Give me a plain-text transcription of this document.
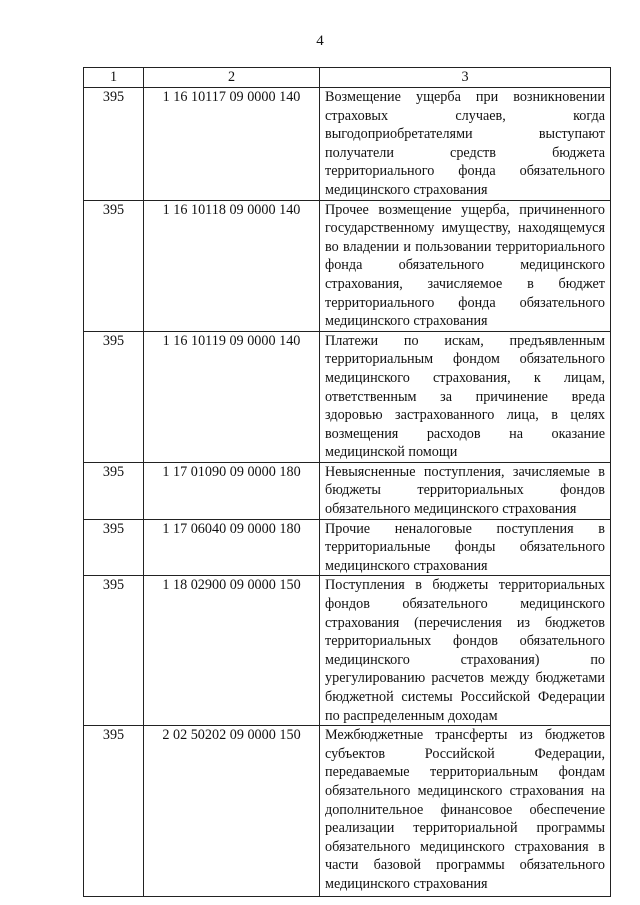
4
1	2	3
395	1 16 10117 09 0000 140	Возмещение ущерба при возникновении страховых случаев, когда выгодоприобретателями выступают получатели средств бюджета территориального фонда обязательного медицинского страхования
395	1 16 10118 09 0000 140	Прочее возмещение ущерба, причиненного государственному имуществу, находящемуся во владении и пользовании территориального фонда обязательного медицинского страхования, зачисляемое в бюджет территориального фонда обязательного медицинского страхования
395	1 16 10119 09 0000 140	Платежи по искам, предъявленным территориальным фондом обязательного медицинского страхования, к лицам, ответственным за причинение вреда здоровью застрахованного лица, в целях возмещения расходов на оказание медицинской помощи
395	1 17 01090 09 0000 180	Невыясненные поступления, зачисляемые в бюджеты территориальных фондов обязательного медицинского страхования
395	1 17 06040 09 0000 180	Прочие неналоговые поступления в территориальные фонды обязательного медицинского страхования
395	1 18 02900 09 0000 150	Поступления в бюджеты территориальных фондов обязательного медицинского страхования (перечисления из бюджетов территориальных фондов обязательного медицинского страхования) по урегулированию расчетов между бюджетами бюджетной системы Российской Федерации по распределенным доходам
395	2 02 50202 09 0000 150	Межбюджетные трансферты из бюджетов субъектов Российской Федерации, передаваемые территориальным фондам обязательного медицинского страхования на дополнительное финансовое обеспечение реализации территориальной программы обязательного медицинского страхования в части базовой программы обязательного медицинского страхования
